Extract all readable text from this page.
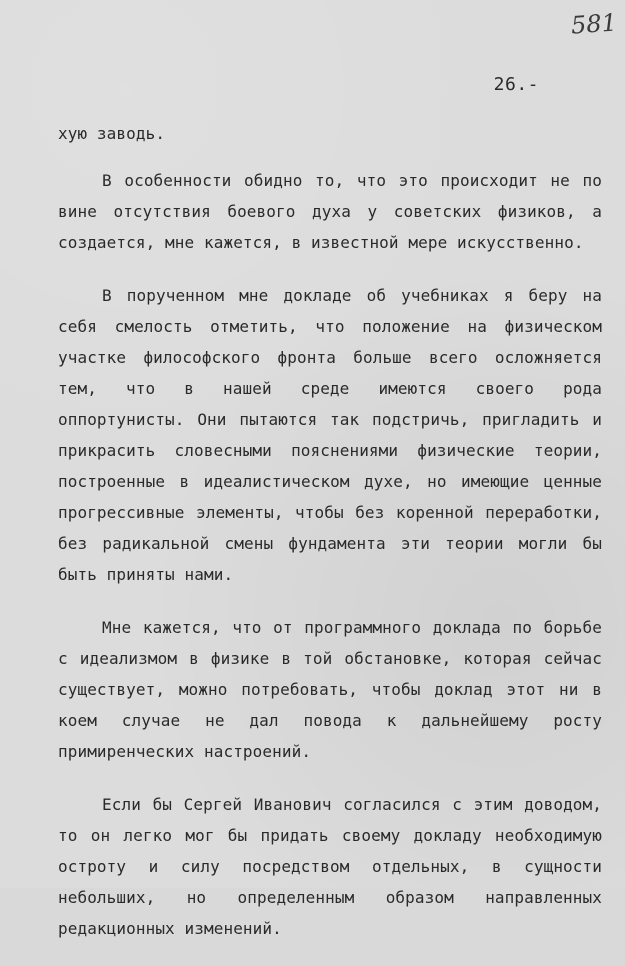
581
26.-

хую заводь.

В особенности обидно то, что это происходит не по вине отсутствия боевого духа у советских физиков, а создается, мне кажется, в известной мере искусственно.

В порученном мне докладе об учебниках я беру на себя смелость отметить, что положение на физическом участке философского фронта больше всего осложняется тем, что в нашей среде имеются своего рода оппортунисты. Они пытаются так подстричь, пригладить и прикрасить словесными пояснениями физические теории, построенные в идеалистическом духе, но имеющие ценные прогрессивные элементы, чтобы без коренной переработки, без радикальной смены фундамента эти теории могли бы быть приняты нами.

Мне кажется, что от программного доклада по борьбе с идеализмом в физике в той обстановке, которая сейчас существует, можно потребовать, чтобы доклад этот ни в коем случае не дал повода к дальнейшему росту примиренческих настроений.

Если бы Сергей Иванович согласился с этим доводом, то он легко мог бы придать своему докладу необходимую остроту и силу посредством отдельных, в сущности небольших, но определенным образом направленных редакционных изменений.
